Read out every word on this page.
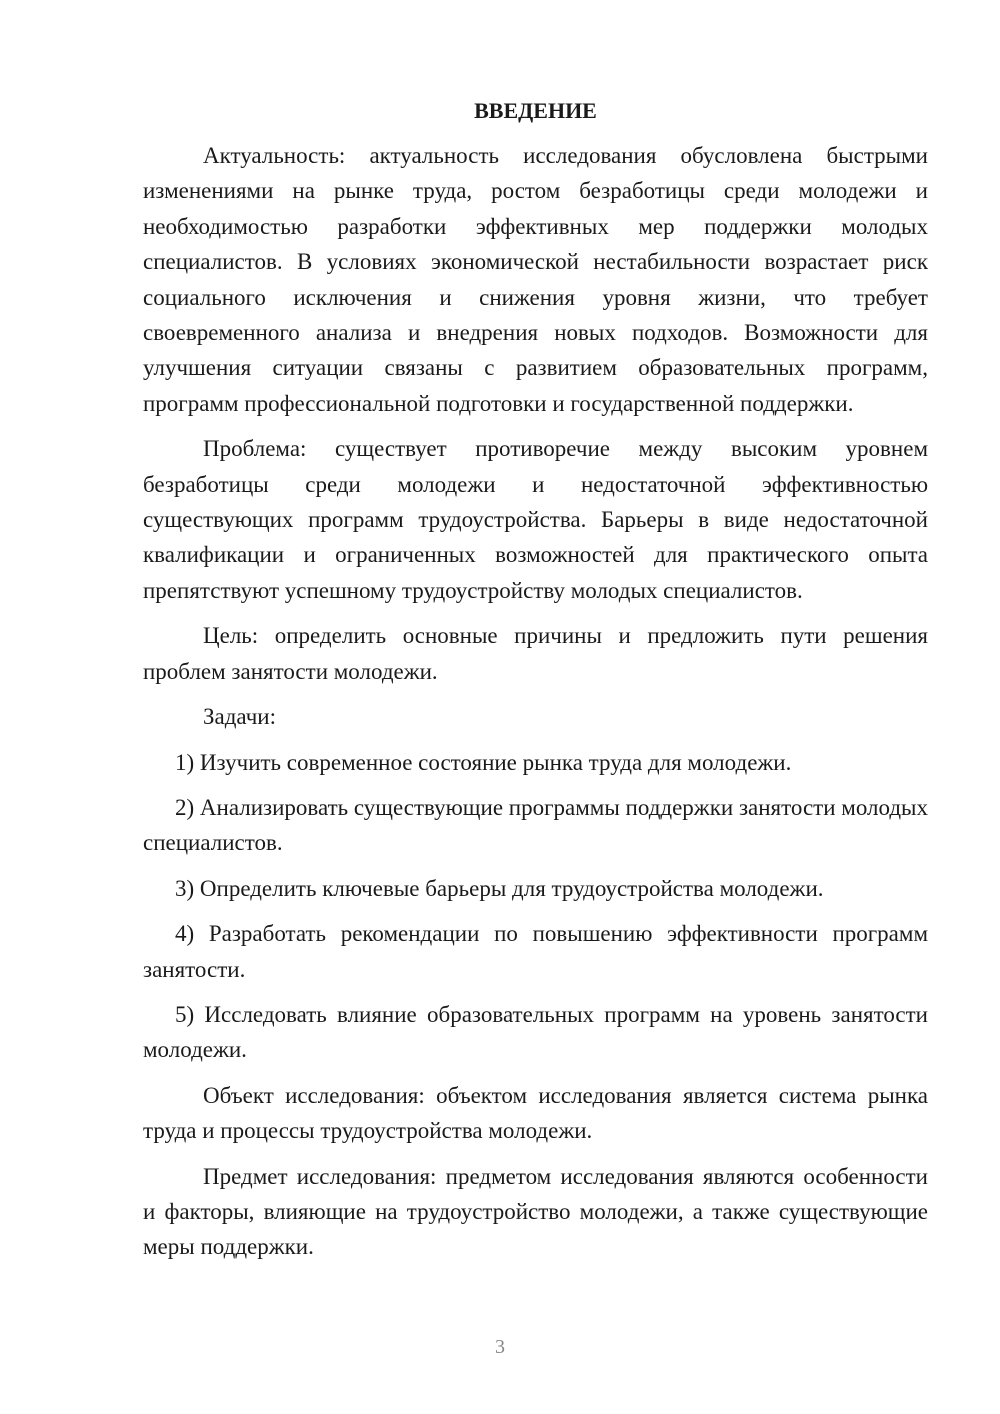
ВВЕДЕНИЕ

Актуальность: актуальность исследования обусловлена быстрыми изменениями на рынке труда, ростом безработицы среди молодежи и необходимостью разработки эффективных мер поддержки молодых специалистов. В условиях экономической нестабильности возрастает риск социального исключения и снижения уровня жизни, что требует своевременного анализа и внедрения новых подходов. Возможности для улучшения ситуации связаны с развитием образовательных программ, программ профессиональной подготовки и государственной поддержки.

Проблема: существует противоречие между высоким уровнем безработицы среди молодежи и недостаточной эффективностью существующих программ трудоустройства. Барьеры в виде недостаточной квалификации и ограниченных возможностей для практического опыта препятствуют успешному трудоустройству молодых специалистов.

Цель: определить основные причины и предложить пути решения проблем занятости молодежи.

Задачи:

1) Изучить современное состояние рынка труда для молодежи.

2) Анализировать существующие программы поддержки занятости молодых специалистов.

3) Определить ключевые барьеры для трудоустройства молодежи.

4) Разработать рекомендации по повышению эффективности программ занятости.

5) Исследовать влияние образовательных программ на уровень занятости молодежи.

Объект исследования: объектом исследования является система рынка труда и процессы трудоустройства молодежи.

Предмет исследования: предметом исследования являются особенности и факторы, влияющие на трудоустройство молодежи, а также существующие меры поддержки.

3
